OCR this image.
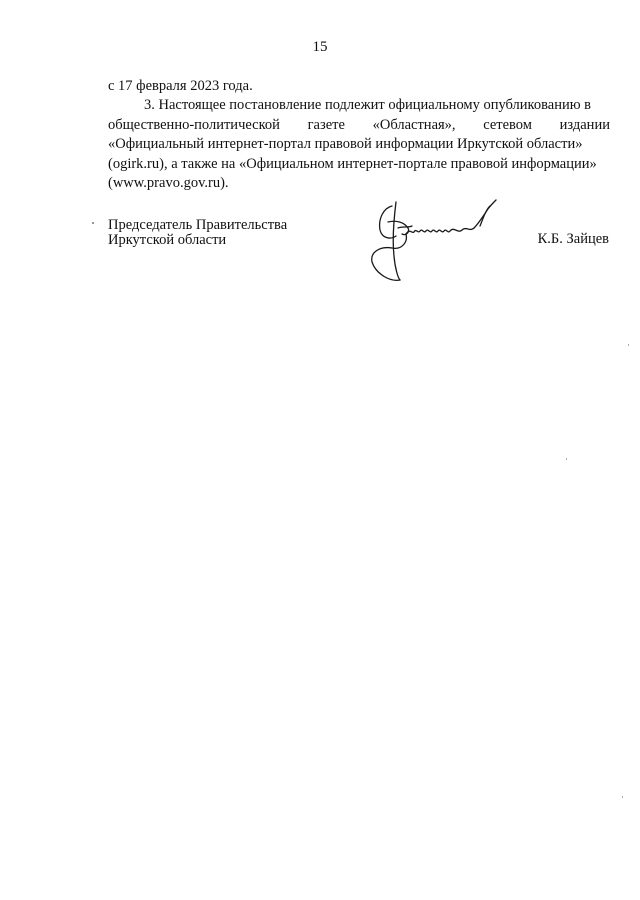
15
с 17 февраля 2023 года.
3. Настоящее постановление подлежит официальному опубликованию в
общественно-политической газете «Областная», сетевом издании
«Официальный интернет-портал правовой информации Иркутской области»
(ogirk.ru), а также на «Официальном интернет-портале правовой информации»
(www.pravo.gov.ru).
Председатель Правительства
Иркутской области	К.Б. Зайцев
